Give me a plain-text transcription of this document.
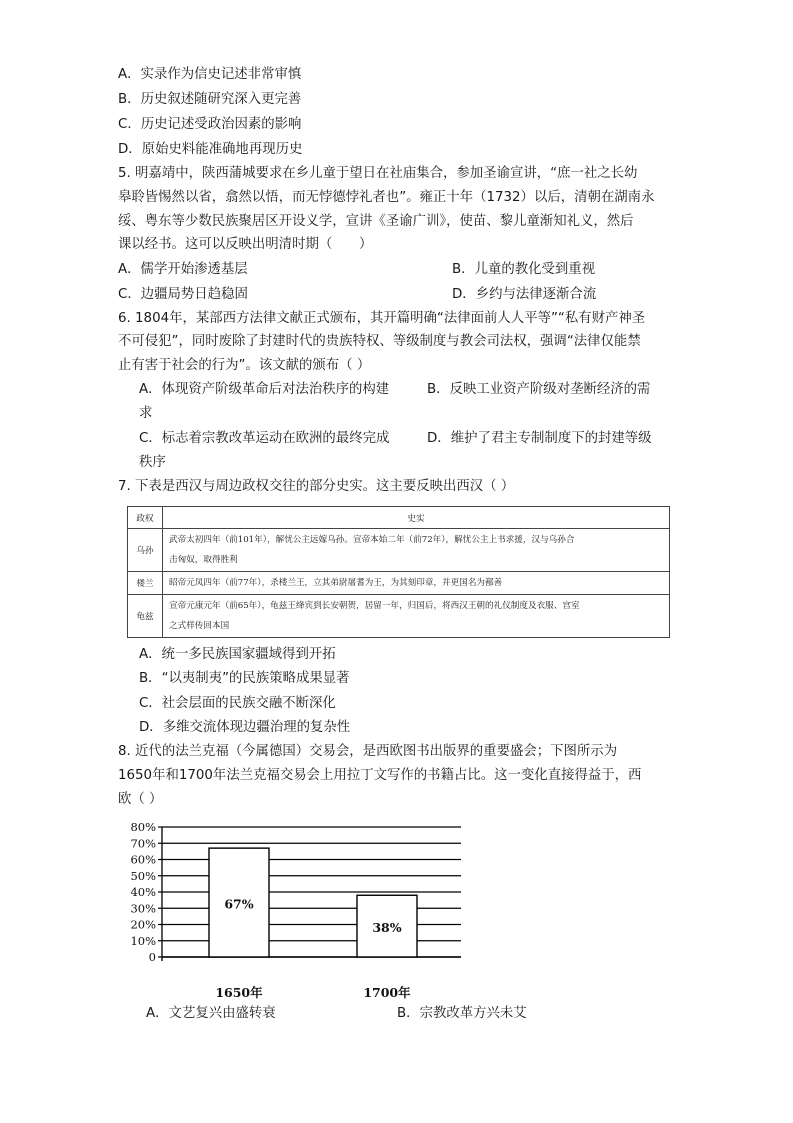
A．实录作为信史记述非常审慎
B．历史叙述随研究深入更完善
C．历史记述受政治因素的影响
D．原始史料能准确地再现历史
5. 明嘉靖中，陕西蒲城要求在乡儿童于望日在社庙集合，参加圣谕宣讲，“庶一社之长幼
皋聆皆惕然以省，翕然以悟，而无悖德悖礼者也”。雍正十年（1732）以后，清朝在湖南永
绥、粤东等少数民族聚居区开设义学，宣讲《圣谕广训》，使苗、黎儿童渐知礼义，然后
课以经书。这可以反映出明清时期（　　）
A．儒学开始渗透基层	B．儿童的教化受到重视
C．边疆局势日趋稳固	D．乡约与法律逐渐合流
6. 1804年，某部西方法律文献正式颁布，其开篇明确“法律面前人人平等”“私有财产神圣
不可侵犯”，同时废除了封建时代的贵族特权、等级制度与教会司法权，强调“法律仅能禁
止有害于社会的行为”。该文献的颁布（ ）
A．体现资产阶级革命后对法治秩序的构建	B．反映工业资产阶级对垄断经济的需
求
C．标志着宗教改革运动在欧洲的最终完成	D．维护了君主专制制度下的封建等级
秩序
7. 下表是西汉与周边政权交往的部分史实。这主要反映出西汉（ ）
政权	史实
乌孙	武帝太初四年（前101年），解忧公主远嫁乌孙。宣帝本始二年（前72年），解忧公主上书求援，汉与乌孙合
击匈奴，取得胜利
楼兰	昭帝元凤四年（前77年），杀楼兰王，立其弟尉屠耆为王，为其刻印章，并更国名为鄯善
龟兹	宣帝元康元年（前65年），龟兹王绛宾到长安朝贺，居留一年，归国后，将西汉王朝的礼仪制度及衣服、宫室
之式样传回本国
A．统一多民族国家疆域得到开拓
B．“以夷制夷”的民族策略成果显著
C．社会层面的民族交融不断深化
D．多维交流体现边疆治理的复杂性
8. 近代的法兰克福（今属德国）交易会，是西欧图书出版界的重要盛会；下图所示为
1650年和1700年法兰克福交易会上用拉丁文写作的书籍占比。这一变化直接得益于，西
欧（ ）
0
10%
20%
30%
40%
50%
60%
70%
80%
67%
1650年
38%
1700年
A．文艺复兴由盛转衰	B．宗教改革方兴未艾
